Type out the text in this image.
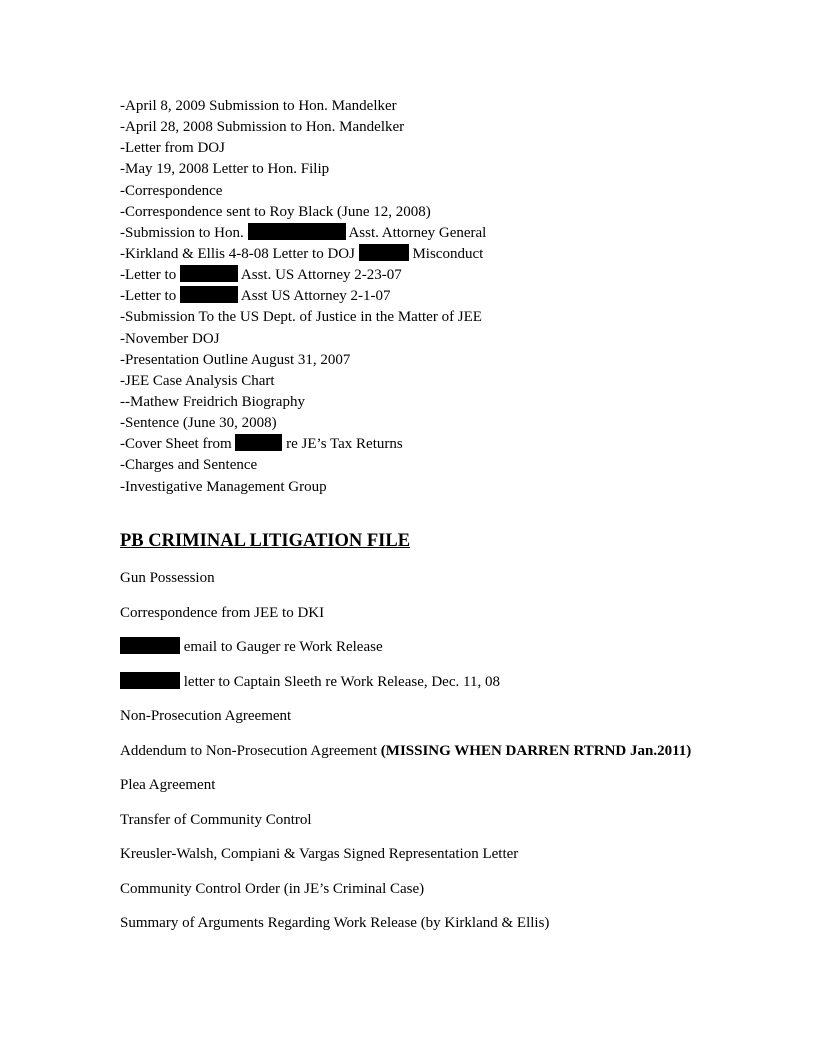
-April 8, 2009 Submission to Hon. Mandelker
-April 28, 2008 Submission to Hon. Mandelker
-Letter from DOJ
-May 19, 2008 Letter to Hon. Filip
-Correspondence
-Correspondence sent to Roy Black (June 12, 2008)
-Submission to Hon.	Asst. Attorney General
-Kirkland & Ellis 4-8-08 Letter to DOJ	Misconduct
-Letter to	Asst. US Attorney 2-23-07
-Letter to	Asst US Attorney 2-1-07
-Submission To the US Dept. of Justice in the Matter of JEE
-November DOJ
-Presentation Outline August 31, 2007
-JEE Case Analysis Chart
--Mathew Freidrich Biography
-Sentence (June 30, 2008)
-Cover Sheet from	re JE’s Tax Returns
-Charges and Sentence
-Investigative Management Group
PB CRIMINAL LITIGATION FILE
Gun Possession
Correspondence from JEE to DKI
email to Gauger re Work Release
letter to Captain Sleeth re Work Release, Dec. 11, 08
Non-Prosecution Agreement
Addendum to Non-Prosecution Agreement (MISSING WHEN DARREN RTRND Jan.2011)
Plea Agreement
Transfer of Community Control
Kreusler-Walsh, Compiani & Vargas Signed Representation Letter
Community Control Order (in JE’s Criminal Case)
Summary of Arguments Regarding Work Release (by Kirkland & Ellis)
